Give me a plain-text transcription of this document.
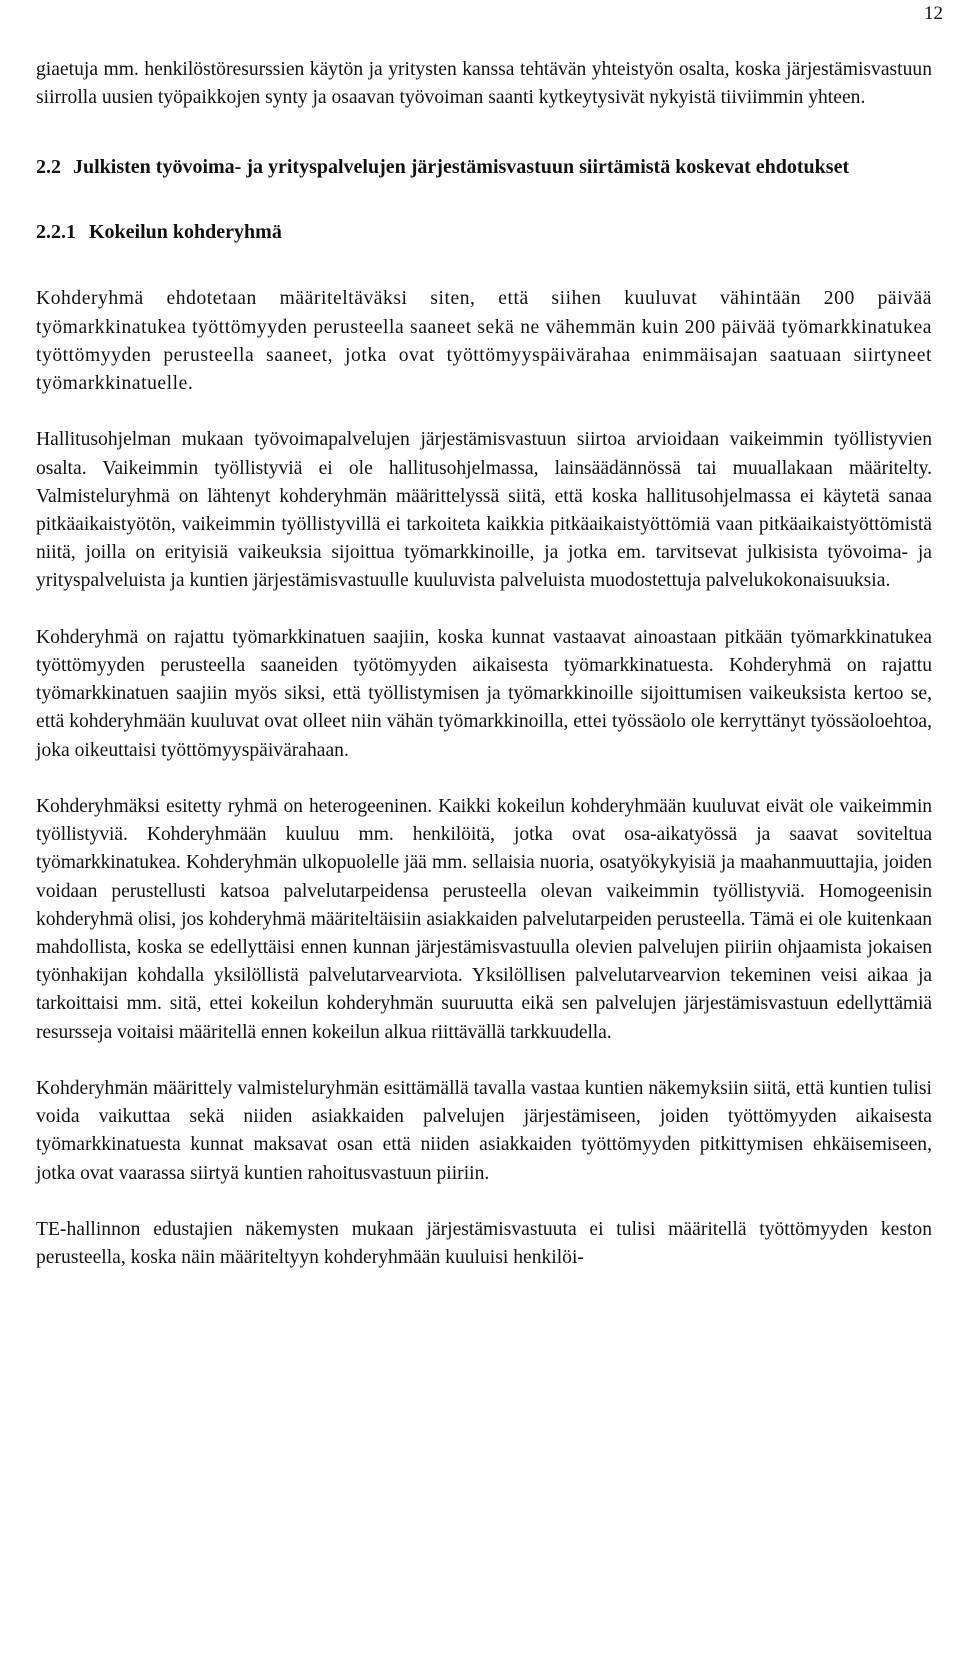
12

giaetuja mm. henkilöstöresurssien käytön ja yritysten kanssa tehtävän yhteistyön osalta, koska järjestämisvastuun siirrolla uusien työpaikkojen synty ja osaavan työvoiman saanti kytkeytysivät nykyistä tiiviimmin yhteen.

2.2 Julkisten työvoima- ja yrityspalvelujen järjestämisvastuun siirtämistä koskevat ehdotukset
2.2.1 Kokeilun kohderyhmä

Kohderyhmä ehdotetaan määriteltäväksi siten, että siihen kuuluvat vähintään 200 päivää työmarkkinatukea työttömyyden perusteella saaneet sekä ne vähemmän kuin 200 päivää työmarkkinatukea työttömyyden perusteella saaneet, jotka ovat työttömyyspäivärahaa enimmäisajan saatuaan siirtyneet työmarkkinatuelle.

Hallitusohjelman mukaan työvoimapalvelujen järjestämisvastuun siirtoa arvioidaan vaikeimmin työllistyvien osalta. Vaikeimmin työllistyviä ei ole hallitusohjelmassa, lainsäädännössä tai muuallakaan määritelty. Valmisteluryhmä on lähtenyt kohderyhmän määrittelyssä siitä, että koska hallitusohjelmassa ei käytetä sanaa pitkäaikaistyötön, vaikeimmin työllistyvillä ei tarkoiteta kaikkia pitkäaikaistyöttömiä vaan pitkäaikaistyöttömistä niitä, joilla on erityisiä vaikeuksia sijoittua työmarkkinoille, ja jotka em. tarvitsevat julkisista työvoima- ja yrityspalveluista ja kuntien järjestämisvastuulle kuuluvista palveluista muodostettuja palvelukokonaisuuksia.

Kohderyhmä on rajattu työmarkkinatuen saajiin, koska kunnat vastaavat ainoastaan pitkään työmarkkinatukea työttömyyden perusteella saaneiden työtömyyden aikaisesta työmarkkinatuesta. Kohderyhmä on rajattu työmarkkinatuen saajiin myös siksi, että työllistymisen ja työmarkkinoille sijoittumisen vaikeuksista kertoo se, että kohderyhmään kuuluvat ovat olleet niin vähän työmarkkinoilla, ettei työssäolo ole kerryttänyt työssäoloehtoa, joka oikeuttaisi työttömyyspäivärahaan.

Kohderyhmäksi esitetty ryhmä on heterogeeninen. Kaikki kokeilun kohderyhmään kuuluvat eivät ole vaikeimmin työllistyviä. Kohderyhmään kuuluu mm. henkilöitä, jotka ovat osa-aikatyössä ja saavat soviteltua työmarkkinatukea. Kohderyhmän ulkopuolelle jää mm. sellaisia nuoria, osatyökykyisiä ja maahanmuuttajia, joiden voidaan perustellusti katsoa palvelutarpeidensa perusteella olevan vaikeimmin työllistyviä. Homogeenisin kohderyhmä olisi, jos kohderyhmä määriteltäisiin asiakkaiden palvelutarpeiden perusteella. Tämä ei ole kuitenkaan mahdollista, koska se edellyttäisi ennen kunnan järjestämisvastuulla olevien palvelujen piiriin ohjaamista jokaisen työnhakijan kohdalla yksilöllistä palvelutarvearviota. Yksilöllisen palvelutarvearvion tekeminen veisi aikaa ja tarkoittaisi mm. sitä, ettei kokeilun kohderyhmän suuruutta eikä sen palvelujen järjestämisvastuun edellyttämiä resursseja voitaisi määritellä ennen kokeilun alkua riittävällä tarkkuudella.

Kohderyhmän määrittely valmisteluryhmän esittämällä tavalla vastaa kuntien näkemyksiin siitä, että kuntien tulisi voida vaikuttaa sekä niiden asiakkaiden palvelujen järjestämiseen, joiden työttömyyden aikaisesta työmarkkinatuesta kunnat maksavat osan että niiden asiakkaiden työttömyyden pitkittymisen ehkäisemiseen, jotka ovat vaarassa siirtyä kuntien rahoitusvastuun piiriin.

TE-hallinnon edustajien näkemysten mukaan järjestämisvastuuta ei tulisi määritellä työttömyyden keston perusteella, koska näin määriteltyyn kohderyhmään kuuluisi henkilöi-
